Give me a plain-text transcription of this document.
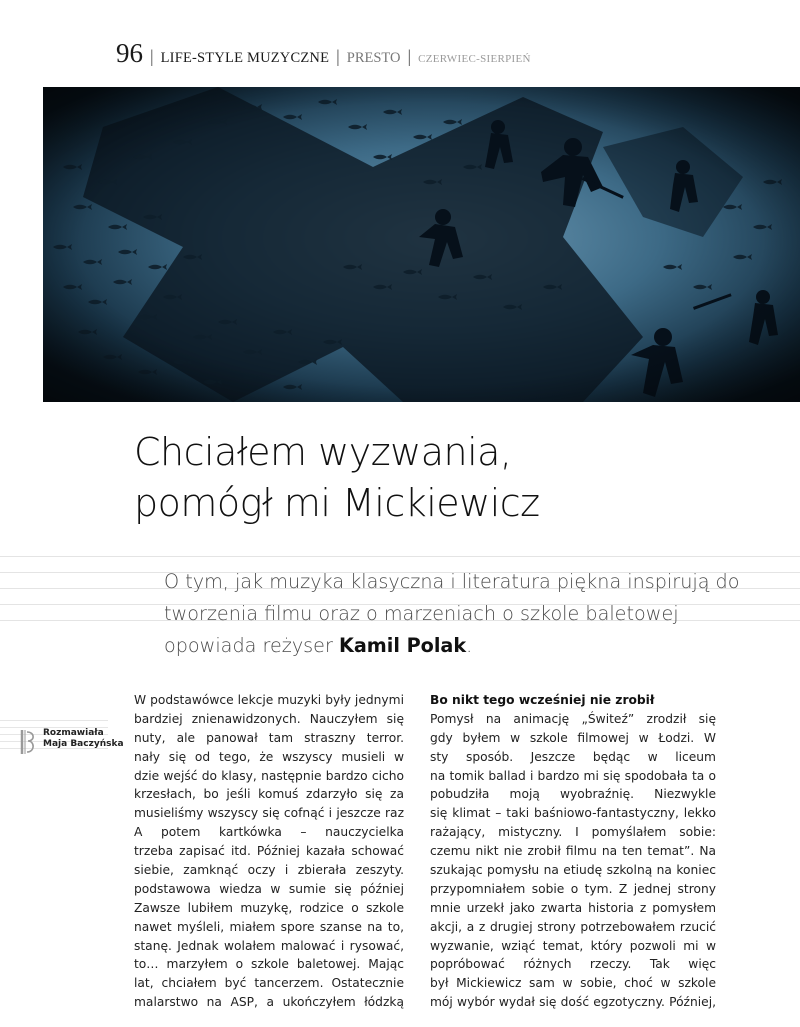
96 | LIFE-STYLE MUZYCZNE | PRESTO | CZERWIEC-SIERPIEŃ
Chciałem wyzwania,
pomógł mi Mickiewicz
O tym, jak muzyka klasyczna i literatura piękna inspirują do
tworzenia filmu oraz o marzeniach o szkole baletowej
opowiada reżyser Kamil Polak.
Rozmawiała
Maja Baczyńska
W podstawówce lekcje muzyki były jednymi
bardziej znienawidzonych. Nauczyłem się
nuty, ale panował tam straszny terror.
nały się od tego, że wszyscy musieli w
dzie wejść do klasy, następnie bardzo cicho
krzesłach, bo jeśli komuś zdarzyło się za
musieliśmy wszyscy się cofnąć i jeszcze raz
A potem kartkówka – nauczycielka
trzeba zapisać itd. Później kazała schować
siebie, zamknąć oczy i zbierała zeszyty.
podstawowa wiedza w sumie się później
Zawsze lubiłem muzykę, rodzice o szkole
nawet myśleli, miałem spore szanse na to,
stanę. Jednak wolałem malować i rysować,
to… marzyłem o szkole baletowej. Mając
lat, chciałem być tancerzem. Ostatecznie
malarstwo na ASP, a ukończyłem łódzką
Bo nikt tego wcześniej nie zrobił
Pomysł na animację „Świteź” zrodził się
gdy byłem w szkole filmowej w Łodzi. W
sty sposób. Jeszcze będąc w liceum
na tomik ballad i bardzo mi się spodobała ta o
pobudziła moją wyobraźnię. Niezwykle
się klimat – taki baśniowo-fantastyczny, lekko
rażający, mistyczny. I pomyślałem sobie:
czemu nikt nie zrobił filmu na ten temat”. Na
szukając pomysłu na etiudę szkolną na koniec
przypomniałem sobie o tym. Z jednej strony
mnie urzekł jako zwarta historia z pomysłem
akcji, a z drugiej strony potrzebowałem rzucić
wyzwanie, wziąć temat, który pozwoli mi w
popróbować różnych rzeczy. Tak więc
był Mickiewicz sam w sobie, choć w szkole
mój wybór wydał się dość egzotyczny. Później,
